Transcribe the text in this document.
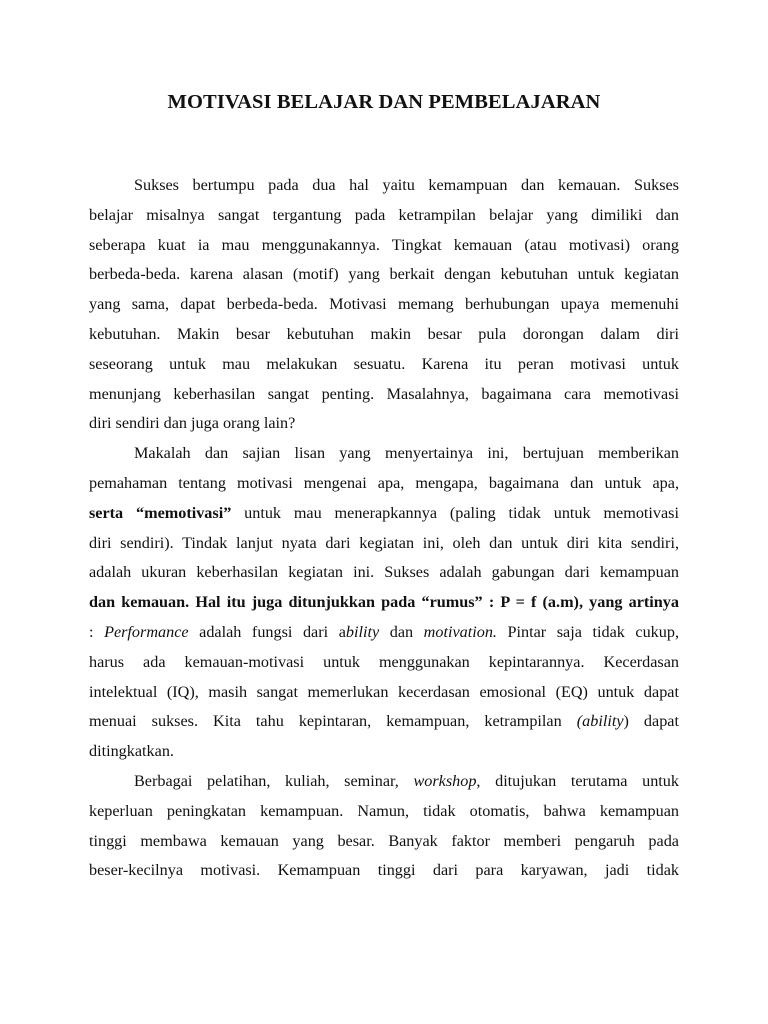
MOTIVASI BELAJAR DAN PEMBELAJARAN
Sukses bertumpu pada dua hal yaitu kemampuan dan kemauan. Sukses
belajar misalnya sangat tergantung pada ketrampilan belajar yang dimiliki dan
seberapa kuat ia mau menggunakannya. Tingkat kemauan (atau motivasi) orang
berbeda-beda. karena alasan (motif) yang berkait dengan kebutuhan untuk kegiatan
yang sama, dapat berbeda-beda. Motivasi memang berhubungan upaya memenuhi
kebutuhan. Makin besar kebutuhan makin besar pula dorongan dalam diri
seseorang untuk mau melakukan sesuatu. Karena itu peran motivasi untuk
menunjang keberhasilan sangat penting. Masalahnya, bagaimana cara memotivasi
diri sendiri dan juga orang lain?
Makalah dan sajian lisan yang menyertainya ini, bertujuan memberikan
pemahaman tentang motivasi mengenai apa, mengapa, bagaimana dan untuk apa,
serta “memotivasi” untuk mau menerapkannya (paling tidak untuk memotivasi
diri sendiri). Tindak lanjut nyata dari kegiatan ini, oleh dan untuk diri kita sendiri,
adalah ukuran keberhasilan kegiatan ini. Sukses adalah gabungan dari kemampuan
dan kemauan. Hal itu juga ditunjukkan pada “rumus” : P = f (a.m), yang artinya
: Performance adalah fungsi dari ability dan motivation. Pintar saja tidak cukup,
harus ada kemauan-motivasi untuk menggunakan kepintarannya. Kecerdasan
intelektual (IQ), masih sangat memerlukan kecerdasan emosional (EQ) untuk dapat
menuai sukses. Kita tahu kepintaran, kemampuan, ketrampilan (ability) dapat
ditingkatkan.
Berbagai pelatihan, kuliah, seminar, workshop, ditujukan terutama untuk
keperluan peningkatan kemampuan. Namun, tidak otomatis, bahwa kemampuan
tinggi membawa kemauan yang besar. Banyak faktor memberi pengaruh pada
beser-kecilnya motivasi. Kemampuan tinggi dari para karyawan, jadi tidak
